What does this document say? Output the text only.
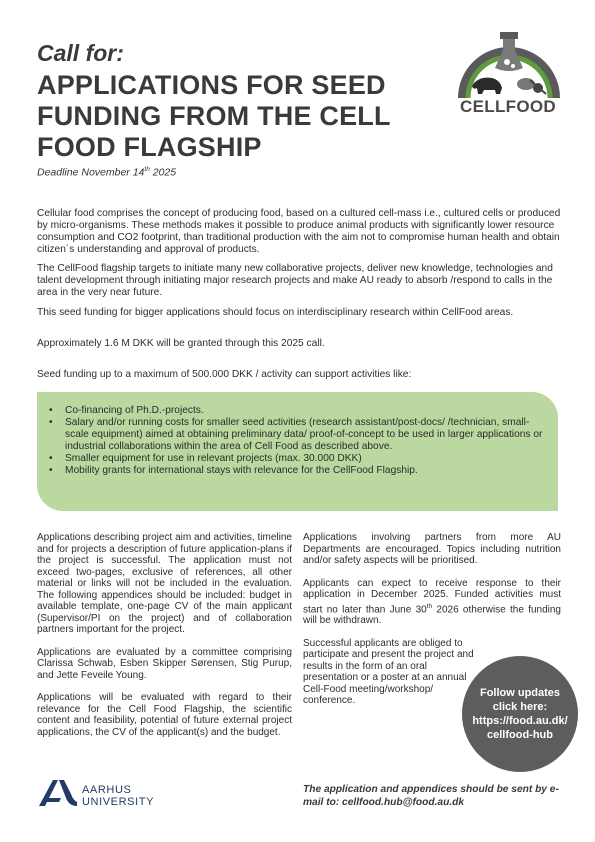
Call for:
APPLICATIONS FOR SEED FUNDING FROM THE CELL FOOD FLAGSHIP
Deadline November 14th 2025
CELLFOOD
Cellular food comprises the concept of producing food, based on a cultured cell-mass i.e., cultured cells or produced by micro-organisms. These methods makes it possible to produce animal products with significantly lower resource consumption and CO2 footprint, than traditional production with the aim not to compromise human health and obtain citizen´s understanding and approval of products.
The CellFood flagship targets to initiate many new collaborative projects, deliver new knowledge, technologies and talent development through initiating major research projects and make AU ready to absorb /respond to calls in the area in the very near future.
This seed funding for bigger applications should focus on interdisciplinary research within CellFood areas.
Approximately 1.6 M DKK will be granted through this 2025 call.
Seed funding up to a maximum of 500.000 DKK / activity can support activities like:
• Co-financing of Ph.D.-projects.
• Salary and/or running costs for smaller seed activities (research assistant/post-docs/ /technician, small-scale equipment) aimed at obtaining preliminary data/ proof-of-concept to be used in larger applications or industrial collaborations within the area of Cell Food as described above.
• Smaller equipment for use in relevant projects (max. 30.000 DKK)
• Mobility grants for international stays with relevance for the CellFood Flagship.

Applications describing project aim and activities, timeline and for projects a description of future application-plans if the project is successful. The application must not exceed two-pages, exclusive of references, all other material or links will not be included in the evaluation. The following appendices should be included: budget in available template, one-page CV of the main applicant (Supervisor/PI on the project) and of collaboration partners important for the project.

Applications are evaluated by a committee comprising Clarissa Schwab, Esben Skipper Sørensen, Stig Purup, and Jette Feveile Young.

Applications will be evaluated with regard to their relevance for the Cell Food Flagship, the scientific content and feasibility, potential of future external project applications, the CV of the applicant(s) and the budget.

Applications involving partners from more AU Departments are encouraged. Topics including nutrition and/or safety aspects will be prioritised.

Applicants can expect to receive response to their application in December 2025. Funded activities must start no later than June 30th 2026 otherwise the funding will be withdrawn.

Successful applicants are obliged to participate and present the project and results in the form of an oral presentation or a poster at an annual Cell-Food meeting/workshop/ conference.

Follow updates
click here:
https://food.au.dk/
cellfood-hub
AARHUS
UNIVERSITY
The application and appendices should be sent by e-mail to: cellfood.hub@food.au.dk
